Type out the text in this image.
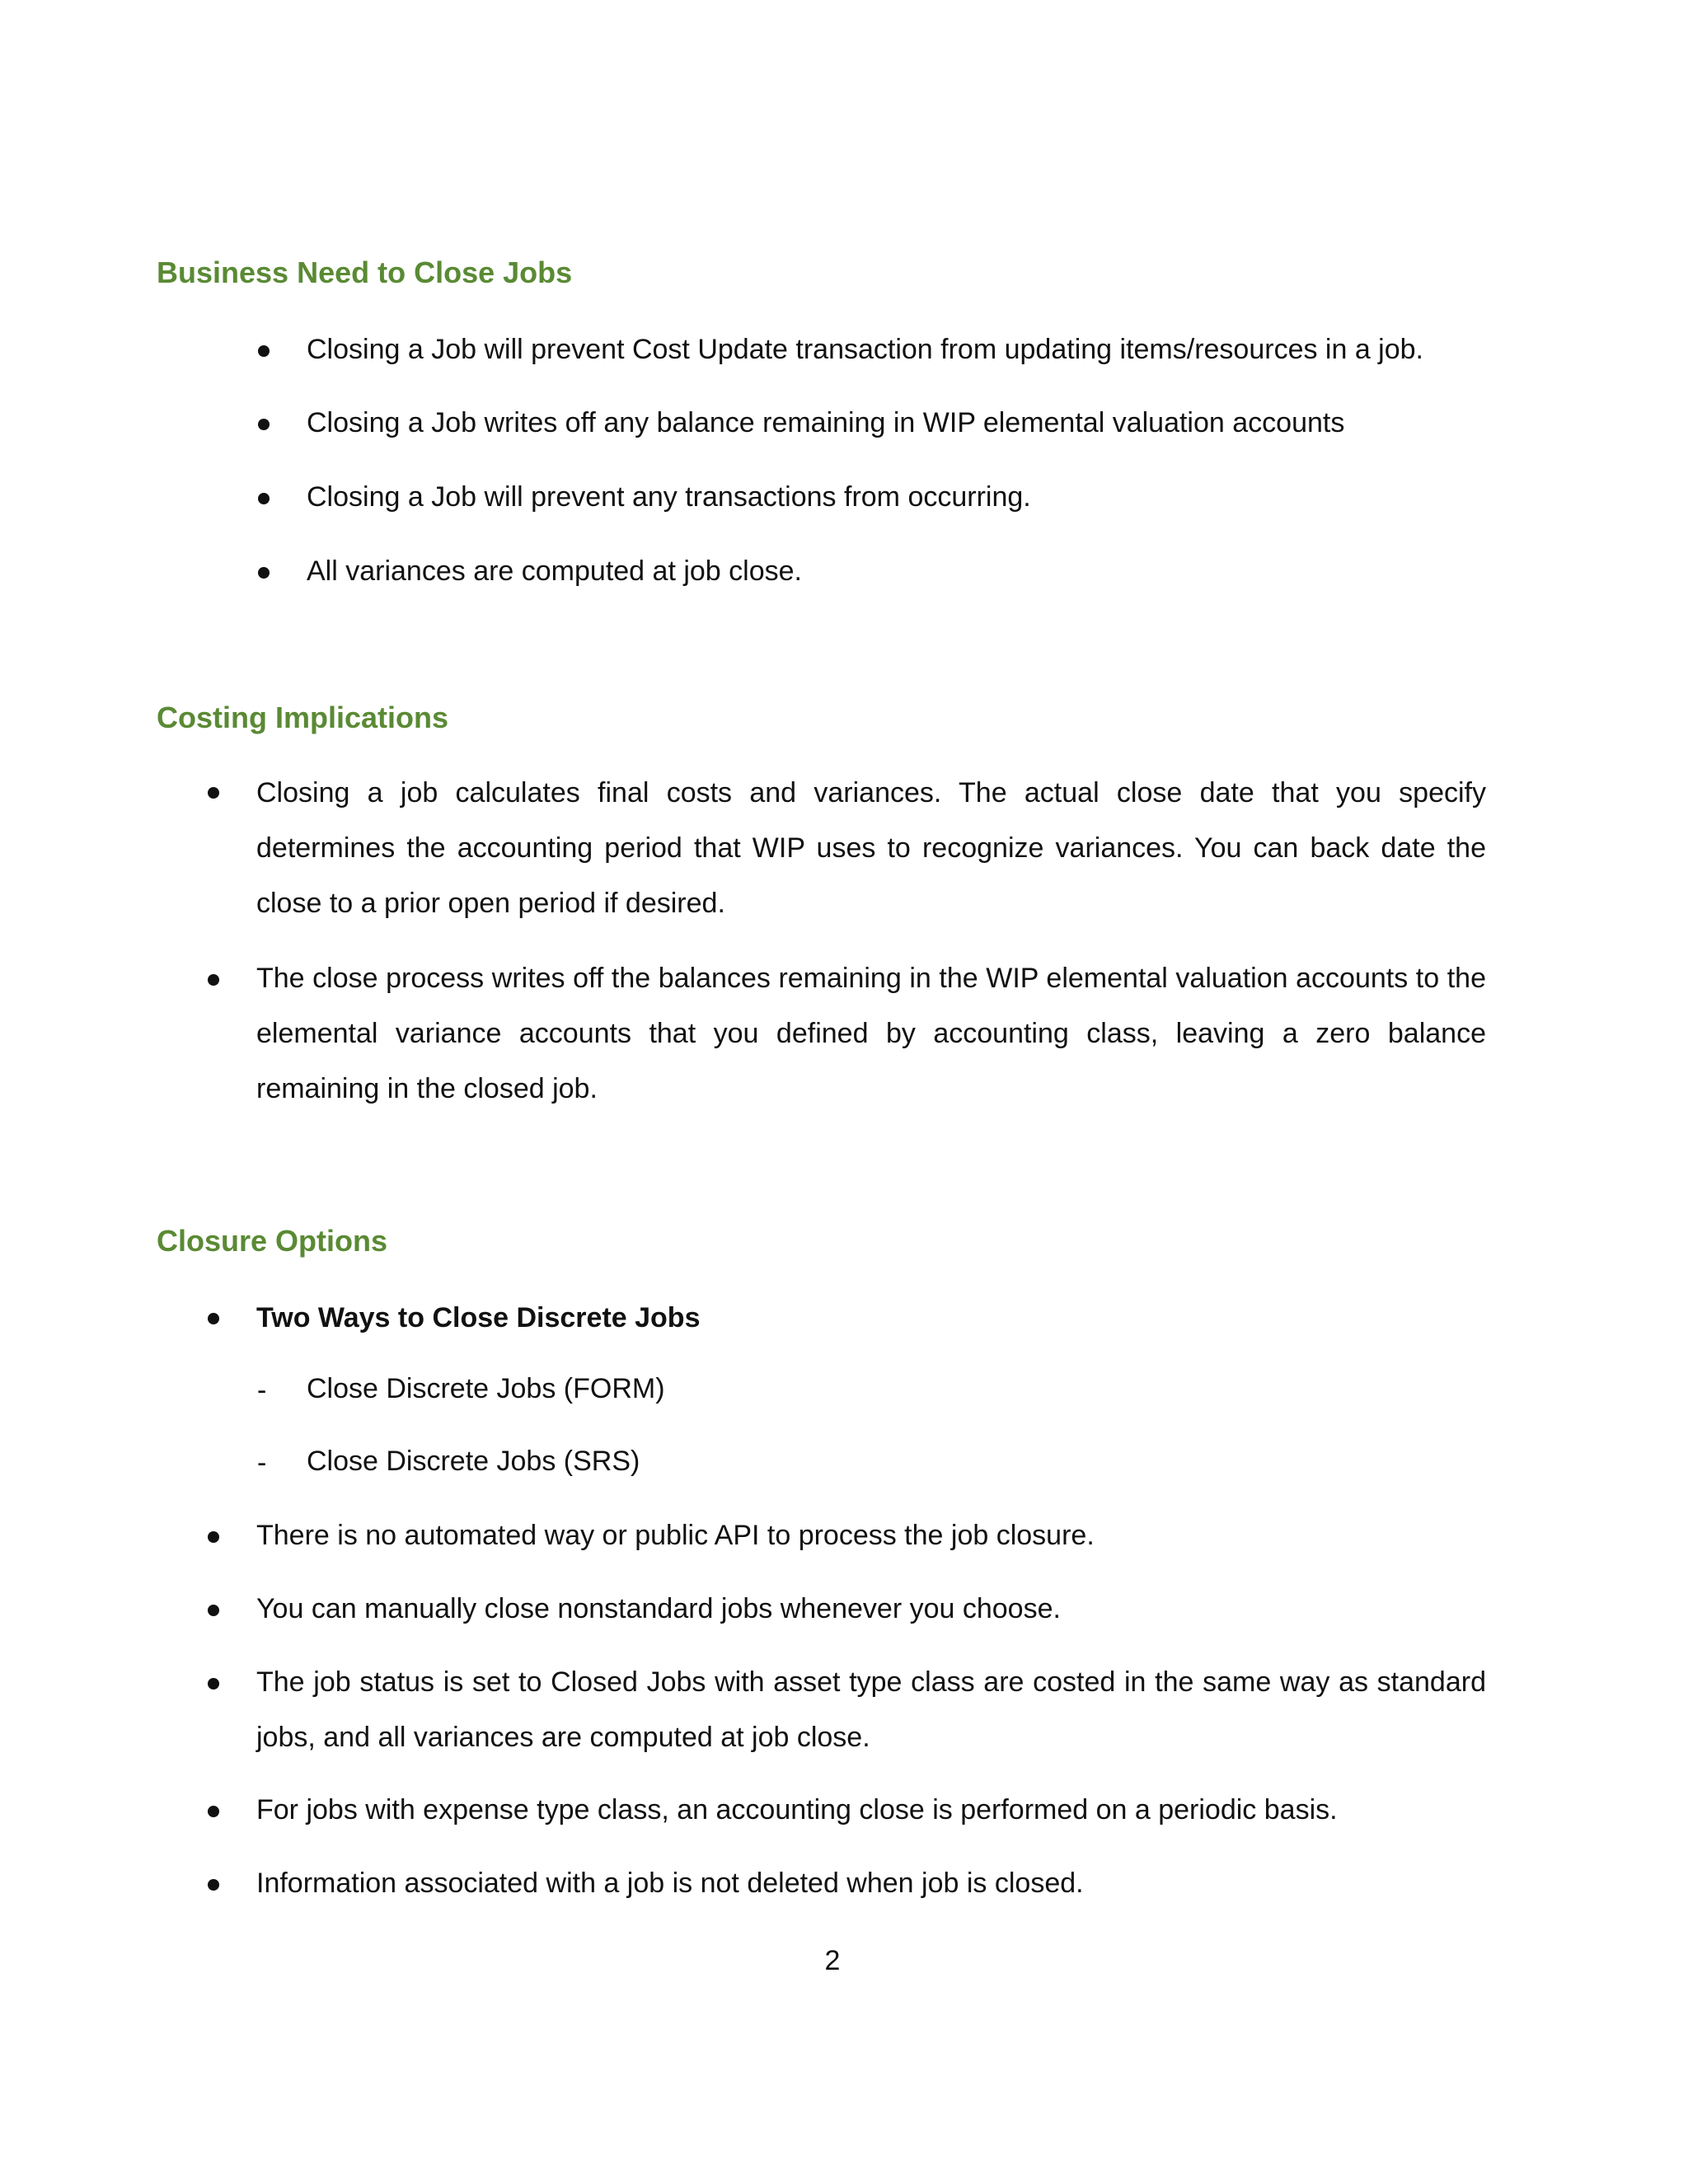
Business Need to Close Jobs
Closing a Job will prevent Cost Update transaction from updating items/resources in a job.
Closing a Job writes off any balance remaining in WIP elemental valuation accounts
Closing a Job will prevent any transactions from occurring.
All variances are computed at job close.
Costing Implications
Closing a job calculates final costs and variances. The actual close date that you specify determines the accounting period that WIP uses to recognize variances. You can back date the close to a prior open period if desired.
The close process writes off the balances remaining in the WIP elemental valuation accounts to the elemental variance accounts that you defined by accounting class, leaving a zero balance remaining in the closed job.
Closure Options
Two Ways to Close Discrete Jobs
- Close Discrete Jobs (FORM)
- Close Discrete Jobs (SRS)
There is no automated way or public API to process the job closure.
You can manually close nonstandard jobs whenever you choose.
The job status is set to Closed Jobs with asset type class are costed in the same way as standard jobs, and all variances are computed at job close.
For jobs with expense type class, an accounting close is performed on a periodic basis.
Information associated with a job is not deleted when job is closed.
2
